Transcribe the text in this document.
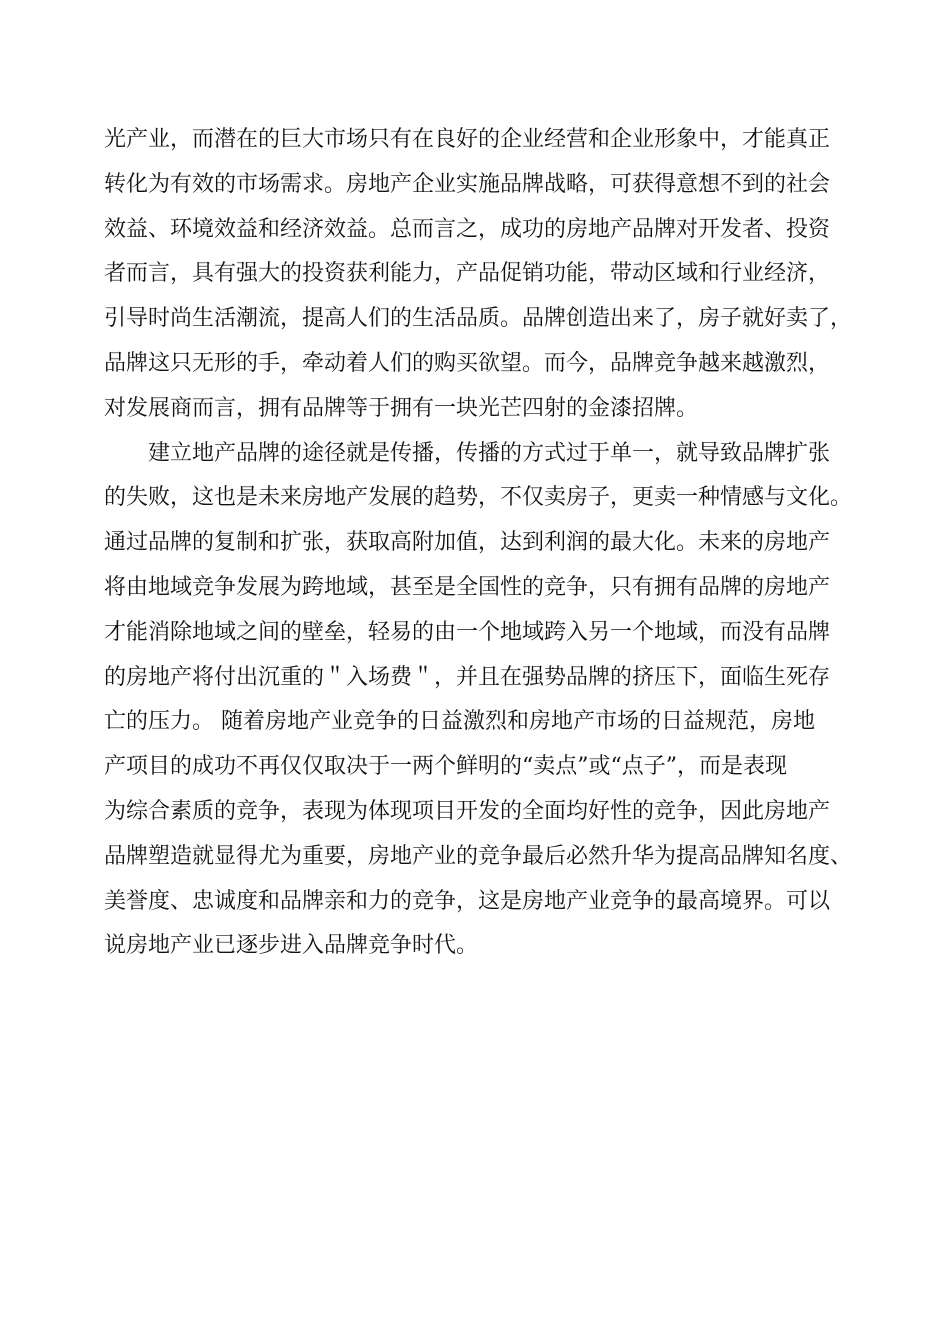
光产业，而潜在的巨大市场只有在良好的企业经营和企业形象中，才能真正
转化为有效的市场需求。房地产企业实施品牌战略，可获得意想不到的社会
效益、环境效益和经济效益。总而言之，成功的房地产品牌对开发者、投资
者而言，具有强大的投资获利能力，产品促销功能，带动区域和行业经济，
引导时尚生活潮流，提高人们的生活品质。品牌创造出来了，房子就好卖了，
品牌这只无形的手，牵动着人们的购买欲望。而今，品牌竞争越来越激烈，
对发展商而言，拥有品牌等于拥有一块光芒四射的金漆招牌。
建立地产品牌的途径就是传播，传播的方式过于单一，就导致品牌扩张
的失败，这也是未来房地产发展的趋势，不仅卖房子，更卖一种情感与文化。
通过品牌的复制和扩张，获取高附加值，达到利润的最大化。未来的房地产
将由地域竞争发展为跨地域，甚至是全国性的竞争，只有拥有品牌的房地产
才能消除地域之间的壁垒，轻易的由一个地域跨入另一个地域，而没有品牌
的房地产将付出沉重的＂入场费＂，并且在强势品牌的挤压下，面临生死存
亡的压力。 随着房地产业竞争的日益激烈和房地产市场的日益规范，房地
产项目的成功不再仅仅取决于一两个鲜明的“卖点”或“点子”，而是表现
为综合素质的竞争，表现为体现项目开发的全面均好性的竞争，因此房地产
品牌塑造就显得尤为重要，房地产业的竞争最后必然升华为提高品牌知名度、
美誉度、忠诚度和品牌亲和力的竞争，这是房地产业竞争的最高境界。可以
说房地产业已逐步进入品牌竞争时代。
